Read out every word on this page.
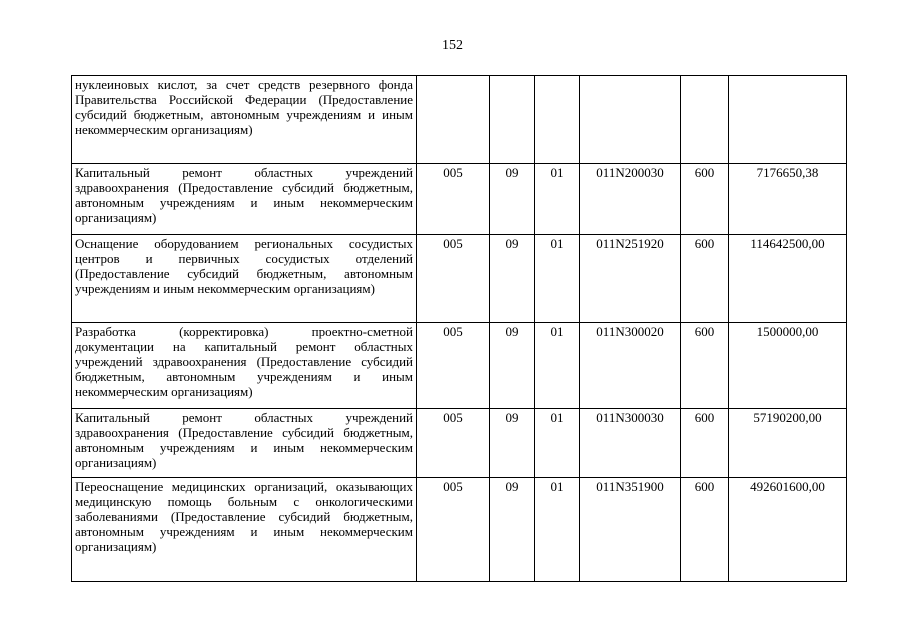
152
нуклеиновых кислот, за счет средств резервного фонда Правительства Российской Федерации (Предоставление субсидий бюджетным, автономным учреждениям и иным некоммерческим организациям)						
Капитальный ремонт областных учреждений здравоохранения (Предоставление субсидий бюджетным, автономным учреждениям и иным некоммерческим организациям)	005	09	01	011N200030	600	7176650,38
Оснащение оборудованием региональных сосудистых центров и первичных сосудистых отделений (Предоставление субсидий бюджетным, автономным учреждениям и иным некоммерческим организациям)	005	09	01	011N251920	600	114642500,00
Разработка (корректировка) проектно-сметной документации на капитальный ремонт областных учреждений здравоохранения (Предоставление субсидий бюджетным, автономным учреждениям и иным некоммерческим организациям)	005	09	01	011N300020	600	1500000,00
Капитальный ремонт областных учреждений здравоохранения (Предоставление субсидий бюджетным, автономным учреждениям и иным некоммерческим организациям)	005	09	01	011N300030	600	57190200,00
Переоснащение медицинских организаций, оказывающих медицинскую помощь больным с онкологическими заболеваниями (Предоставление субсидий бюджетным, автономным учреждениям и иным некоммерческим организациям)	005	09	01	011N351900	600	492601600,00
